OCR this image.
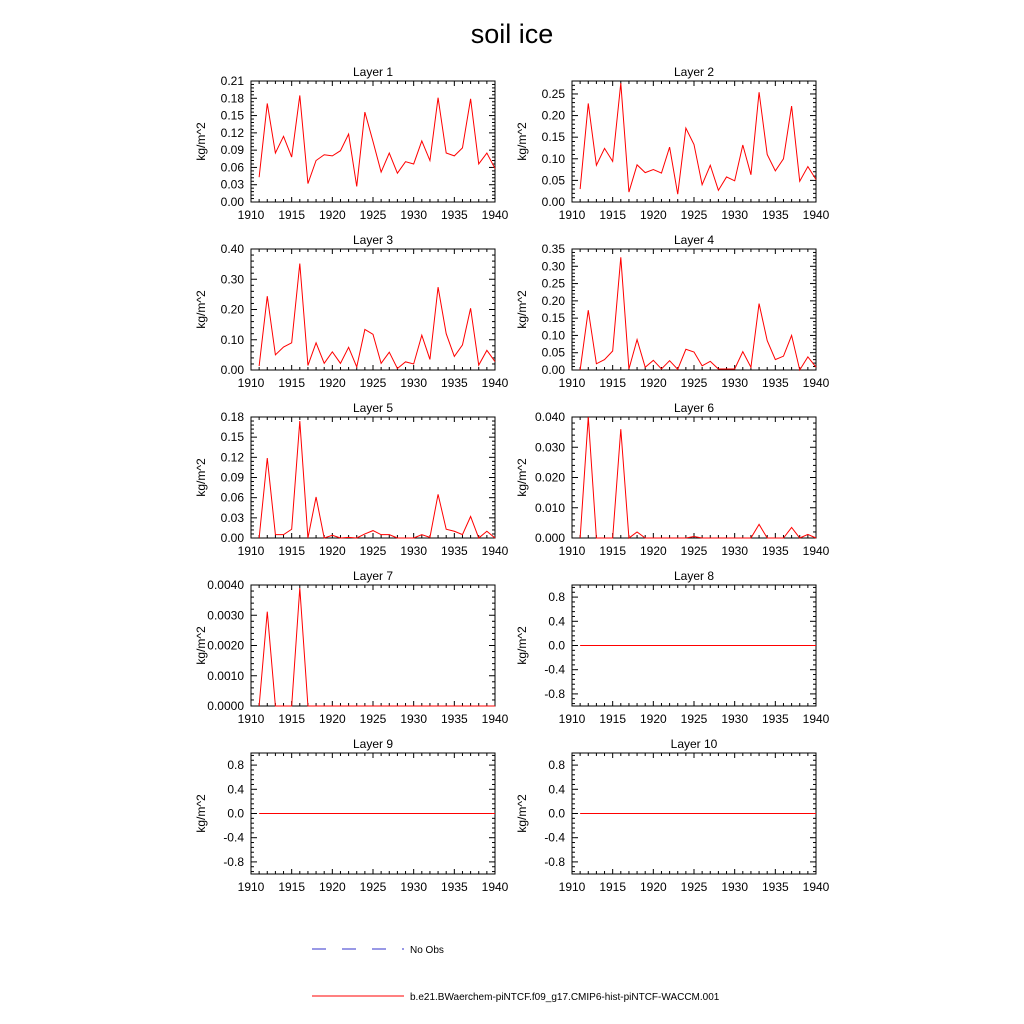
soil ice
Layer 1
kg/m^2
1910 1915 1920 1925 1930 1935 1940
0.00
0.03
0.06
0.09
0.12
0.15
0.18
0.21
Layer 2
kg/m^2
1910 1915 1920 1925 1930 1935 1940
0.00
0.05
0.10
0.15
0.20
0.25
Layer 3
kg/m^2
1910 1915 1920 1925 1930 1935 1940
0.00
0.10
0.20
0.30
0.40
Layer 4
kg/m^2
1910 1915 1920 1925 1930 1935 1940
0.00
0.05
0.10
0.15
0.20
0.25
0.30
0.35
Layer 5
kg/m^2
1910 1915 1920 1925 1930 1935 1940
0.00
0.03
0.06
0.09
0.12
0.15
0.18
Layer 6
kg/m^2
1910 1915 1920 1925 1930 1935 1940
0.000
0.010
0.020
0.030
0.040
Layer 7
kg/m^2
1910 1915 1920 1925 1930 1935 1940
0.0000
0.0010
0.0020
0.0030
0.0040
Layer 8
kg/m^2
1910 1915 1920 1925 1930 1935 1940
-0.8
-0.4
0.0
0.4
0.8
Layer 9
kg/m^2
1910 1915 1920 1925 1930 1935 1940
-0.8
-0.4
0.0
0.4
0.8
Layer 10
kg/m^2
1910 1915 1920 1925 1930 1935 1940
-0.8
-0.4
0.0
0.4
0.8
No Obs
b.e21.BWaerchem-piNTCF.f09_g17.CMIP6-hist-piNTCF-WACCM.001
